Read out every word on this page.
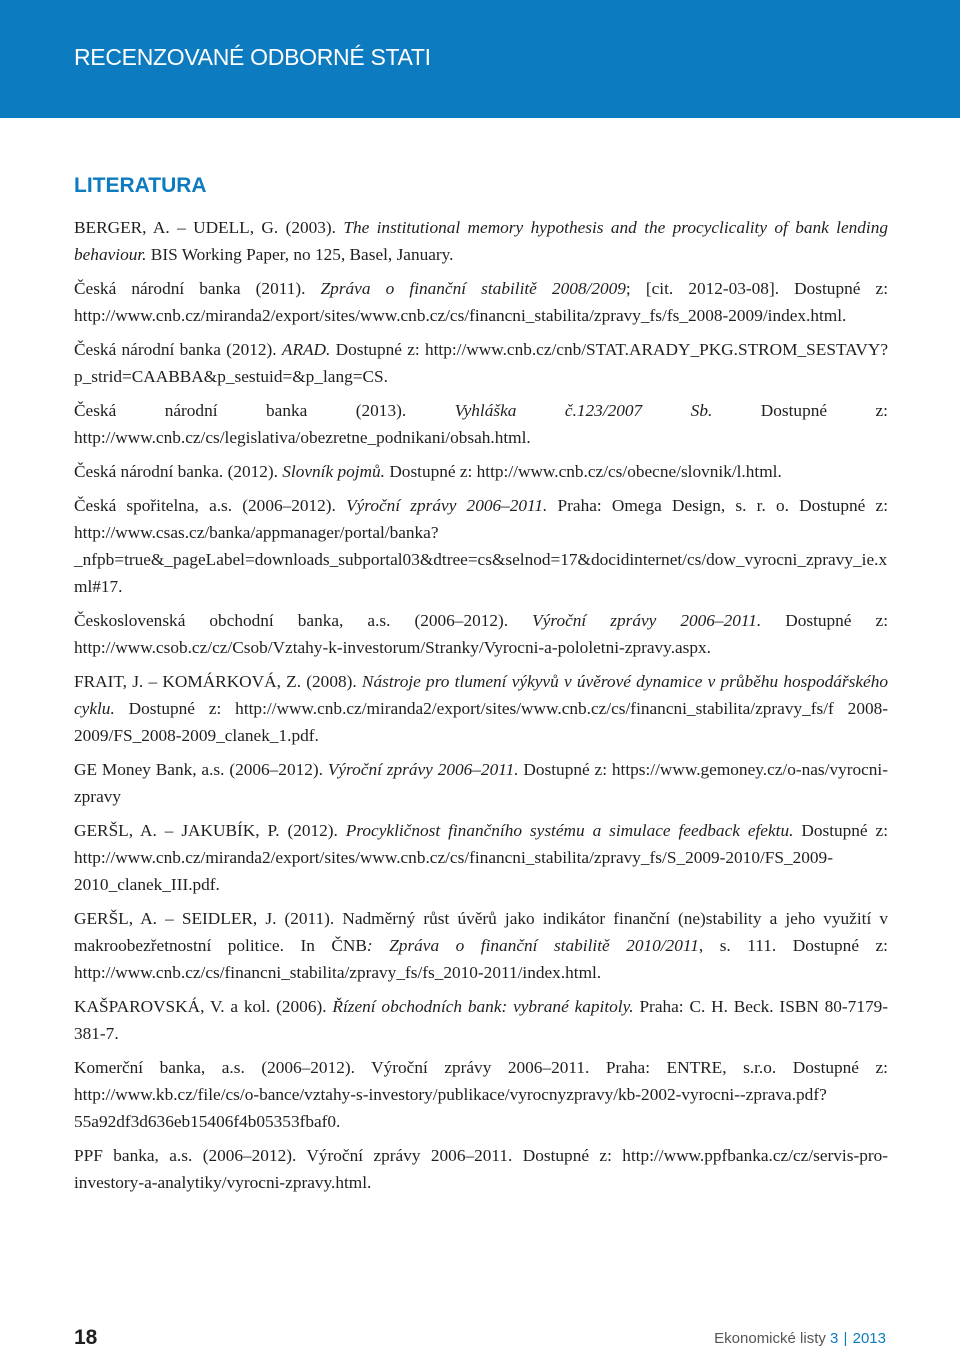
RECENZOVANÉ ODBORNÉ STATI
LITERATURA

BERGER, A. – UDELL, G. (2003). The institutional memory hypothesis and the procyclicality of bank lending behaviour. BIS Working Paper, no 125, Basel, January.

Česká národní banka (2011). Zpráva o finanční stabilitě 2008/2009; [cit. 2012-03-08]. Dostupné z: http://www.cnb.cz/miranda2/export/sites/www.cnb.cz/cs/financni_stabilita/zpravy_fs/fs_2008-2009/index.html.

Česká národní banka (2012). ARAD. Dostupné z: http://www.cnb.cz/cnb/STAT.ARADY_PKG.STROM_SESTAVY?p_strid=CAABBA&p_sestuid=&p_lang=CS.

Česká národní banka (2013). Vyhláška č.123/2007 Sb. Dostupné z: http://www.cnb.cz/cs/legislativa/obezretne_podnikani/obsah.html.

Česká národní banka. (2012). Slovník pojmů. Dostupné z: http://www.cnb.cz/cs/obecne/slovnik/l.html.

Česká spořitelna, a.s. (2006–2012). Výroční zprávy 2006–2011. Praha: Omega Design, s. r. o. Dostupné z: http://www.csas.cz/banka/appmanager/portal/banka?_nfpb=true&_pageLabel=downloads_subportal03&dtree=cs&selnod=17&docidinternet/cs/dow_vyrocni_zpravy_ie.xml#17.

Československá obchodní banka, a.s. (2006–2012). Výroční zprávy 2006–2011. Dostupné z: http://www.csob.cz/cz/Csob/Vztahy-k-investorum/Stranky/Vyrocni-a-pololetni-zpravy.aspx.

FRAIT, J. – KOMÁRKOVÁ, Z. (2008). Nástroje pro tlumení výkyvů v úvěrové dynamice v průběhu hospodářského cyklu. Dostupné z: http://www.cnb.cz/miranda2/export/sites/www.cnb.cz/cs/financni_stabilita/zpravy_fs/f 2008-2009/FS_2008-2009_clanek_1.pdf.

GE Money Bank, a.s. (2006–2012). Výroční zprávy 2006–2011. Dostupné z: https://www.gemoney.cz/o-nas/vyrocni-zpravy

GERŠL, A. – JAKUBÍK, P. (2012). Procykličnost finančního systému a simulace feedback efektu. Dostupné z: http://www.cnb.cz/miranda2/export/sites/www.cnb.cz/cs/financni_stabilita/zpravy_fs/S_2009-2010/FS_2009-2010_clanek_III.pdf.

GERŠL, A. – SEIDLER, J. (2011). Nadměrný růst úvěrů jako indikátor finanční (ne)stability a jeho využití v makroobezřetnostní politice. In ČNB: Zpráva o finanční stabilitě 2010/2011, s. 111. Dostupné z: http://www.cnb.cz/cs/financni_stabilita/zpravy_fs/fs_2010-2011/index.html.

KAŠPAROVSKÁ, V. a kol. (2006). Řízení obchodních bank: vybrané kapitoly. Praha: C. H. Beck. ISBN 80-7179-381-7.

Komerční banka, a.s. (2006–2012). Výroční zprávy 2006–2011. Praha: ENTRE, s.r.o. Dostupné z: http://www.kb.cz/file/cs/o-bance/vztahy-s-investory/publikace/vyrocnyzpravy/kb-2002-vyrocni--zprava.pdf?55a92df3d636eb15406f4b05353fbaf0.

PPF banka, a.s. (2006–2012). Výroční zprávy 2006–2011. Dostupné z: http://www.ppfbanka.cz/cz/servis-pro-investory-a-analytiky/vyrocni-zpravy.html.

18	Ekonomické listy 3 | 2013
